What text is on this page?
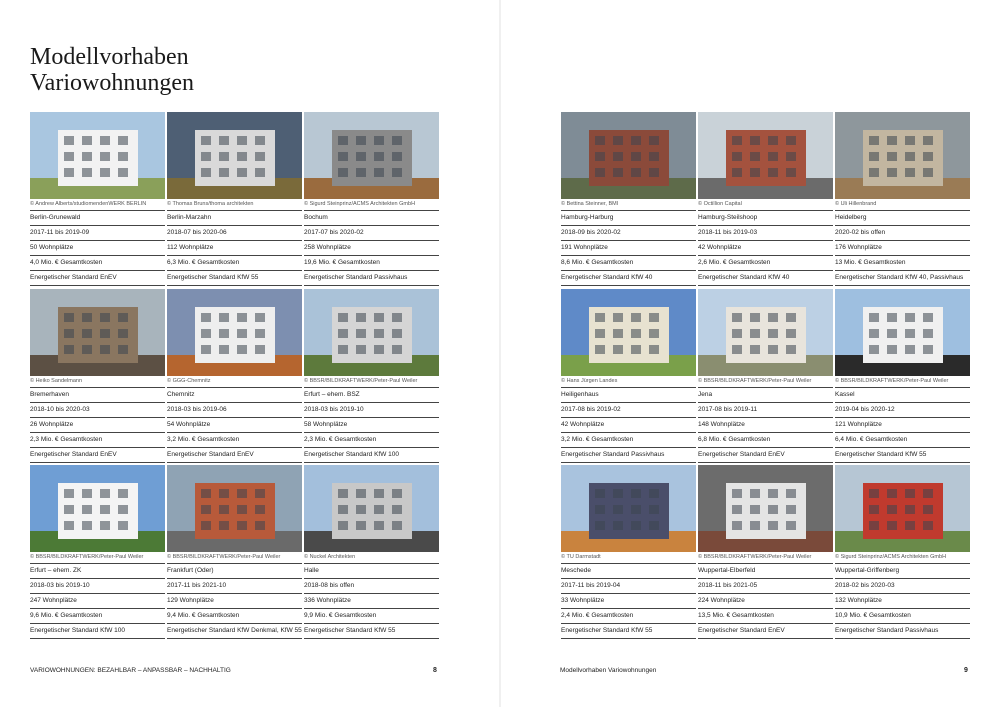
Modellvorhaben
Variowohnungen
© Andrew Alberts/studiomendenWERK BERLIN
Berlin-Grunewald
2017-11 bis 2019-09
50 Wohnplätze
4,0 Mio. € Gesamtkosten
Energetischer Standard EnEV
© Thomas Bruns/thoma architekten
Berlin-Marzahn
2018-07 bis 2020-06
112 Wohnplätze
6,3 Mio. € Gesamtkosten
Energetischer Standard KfW 55
© Sigurd Steinprinz/ACMS Architekten GmbH
Bochum
2017-07 bis 2020-02
258 Wohnplätze
19,6 Mio. € Gesamtkosten
Energetischer Standard Passivhaus
© Bettina Steinner, BMI
Hamburg-Harburg
2018-09 bis 2020-02
191 Wohnplätze
8,6 Mio. € Gesamtkosten
Energetischer Standard KfW 40
© Octillion Capital
Hamburg-Steilshoop
2018-11 bis 2019-03
42 Wohnplätze
2,6 Mio. € Gesamtkosten
Energetischer Standard KfW 40
© Uli Hillenbrand
Heidelberg
2020-02 bis offen
176 Wohnplätze
13 Mio. € Gesamtkosten
Energetischer Standard KfW 40, Passivhaus
© Heiko Sandelmann
Bremerhaven
2018-10 bis 2020-03
26 Wohnplätze
2,3 Mio. € Gesamtkosten
Energetischer Standard EnEV
© GGG-Chemnitz
Chemnitz
2018-03 bis 2019-06
54 Wohnplätze
3,2 Mio. € Gesamtkosten
Energetischer Standard EnEV
© BBSR/BILDKRAFTWERK/Peter-Paul Weiler
Erfurt – ehem. BSZ
2018-03 bis 2019-10
58 Wohnplätze
2,3 Mio. € Gesamtkosten
Energetischer Standard KfW 100
© Hans Jürgen Landes
Heiligenhaus
2017-08 bis 2019-02
42 Wohnplätze
3,2 Mio. € Gesamtkosten
Energetischer Standard Passivhaus
© BBSR/BILDKRAFTWERK/Peter-Paul Weiler
Jena
2017-08 bis 2019-11
148 Wohnplätze
6,8 Mio. € Gesamtkosten
Energetischer Standard EnEV
© BBSR/BILDKRAFTWERK/Peter-Paul Weiler
Kassel
2019-04 bis 2020-12
121 Wohnplätze
6,4 Mio. € Gesamtkosten
Energetischer Standard KfW 55
© BBSR/BILDKRAFTWERK/Peter-Paul Weiler
Erfurt – ehem. ZK
2018-03 bis 2019-10
247 Wohnplätze
9,6 Mio. € Gesamtkosten
Energetischer Standard KfW 100
© BBSR/BILDKRAFTWERK/Peter-Paul Weiler
Frankfurt (Oder)
2017-11 bis 2021-10
129 Wohnplätze
9,4 Mio. € Gesamtkosten
Energetischer Standard KfW Denkmal, KfW 55
© Nuckel Architekten
Halle
2018-08 bis offen
336 Wohnplätze
9,9 Mio. € Gesamtkosten
Energetischer Standard KfW 55
© TU Darmstadt
Meschede
2017-11 bis 2019-04
33 Wohnplätze
2,4 Mio. € Gesamtkosten
Energetischer Standard KfW 55
© BBSR/BILDKRAFTWERK/Peter-Paul Weiler
Wuppertal-Elberfeld
2018-11 bis 2021-05
224 Wohnplätze
13,5 Mio. € Gesamtkosten
Energetischer Standard EnEV
© Sigurd Steinprinz/ACMS Architekten GmbH
Wuppertal-Griffenberg
2018-02 bis 2020-03
132 Wohnplätze
10,9 Mio. € Gesamtkosten
Energetischer Standard Passivhaus
VARIOWOHNUNGEN: BEZAHLBAR – ANPASSBAR – NACHHALTIG	8	Modellvorhaben Variowohnungen	9
